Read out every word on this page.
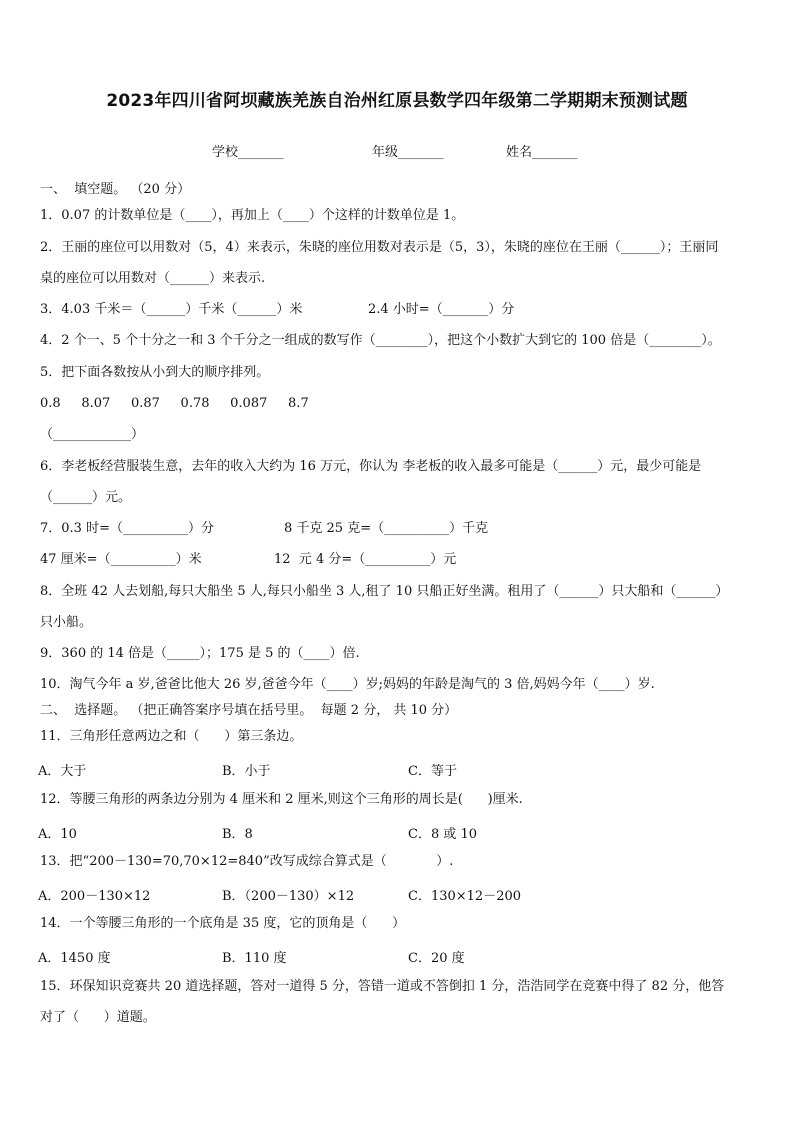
2023年四川省阿坝藏族羌族自治州红原县数学四年级第二学期期末预测试题
学校_______	年级_______	姓名_______
一、  填空题。 （20 分）
1．0.07 的计数单位是（____），再加上（____）个这样的计数单位是 1。
2．王丽的座位可以用数对（5，4）来表示，朱晓的座位用数对表示是（5，3），朱晓的座位在王丽（______）；王丽同
桌的座位可以用数对（______）来表示.
3．4.03 千米＝（______）千米（______）米	2.4 小时=（_______）分
4．2 个一、5 个十分之一和 3 个千分之一组成的数写作（________），把这个小数扩大到它的 100 倍是（________）。
5．把下面各数按从小到大的顺序排列。
0.8     8.07     0.87     0.78     0.087     8.7
（____________）
6．李老板经营服装生意，去年的收入大约为 16 万元，你认为 李老板的收入最多可能是（______）元，最少可能是
（______）元。
7．0.3 时=（__________）分	8 千克 25 克=（__________）千克
47 厘米=（__________）米	12  元 4 分=（__________）元
8．全班 42 人去划船,每只大船坐 5 人,每只小船坐 3 人,租了 10 只船正好坐满。租用了（______）只大船和（______）
只小船。
9．360 的 14 倍是（_____）；175 是 5 的（____）倍.
10．淘气今年 a 岁,爸爸比他大 26 岁,爸爸今年（____）岁;妈妈的年龄是淘气的 3 倍,妈妈今年（____）岁.
二、  选择题。 （把正确答案序号填在括号里。  每题 2 分， 共 10 分）
11．三角形任意两边之和（      ）第三条边。
A．大于	B．小于	C．等于
12．等腰三角形的两条边分别为 4 厘米和 2 厘米,则这个三角形的周长是(      )厘米.
A．10	B．8	C．8 或 10
13．把“200－130=70,70×12=840”改写成综合算式是（            ）.
A．200－130×12	B．（200－130）×12	C．130×12－200
14．一个等腰三角形的一个底角是 35 度，它的顶角是（      ）
A．1450 度	B．110 度	C．20 度
15．环保知识竞赛共 20 道选择题，答对一道得 5 分，答错一道或不答倒扣 1 分，浩浩同学在竞赛中得了 82 分，他答
对了（      ）道题。
